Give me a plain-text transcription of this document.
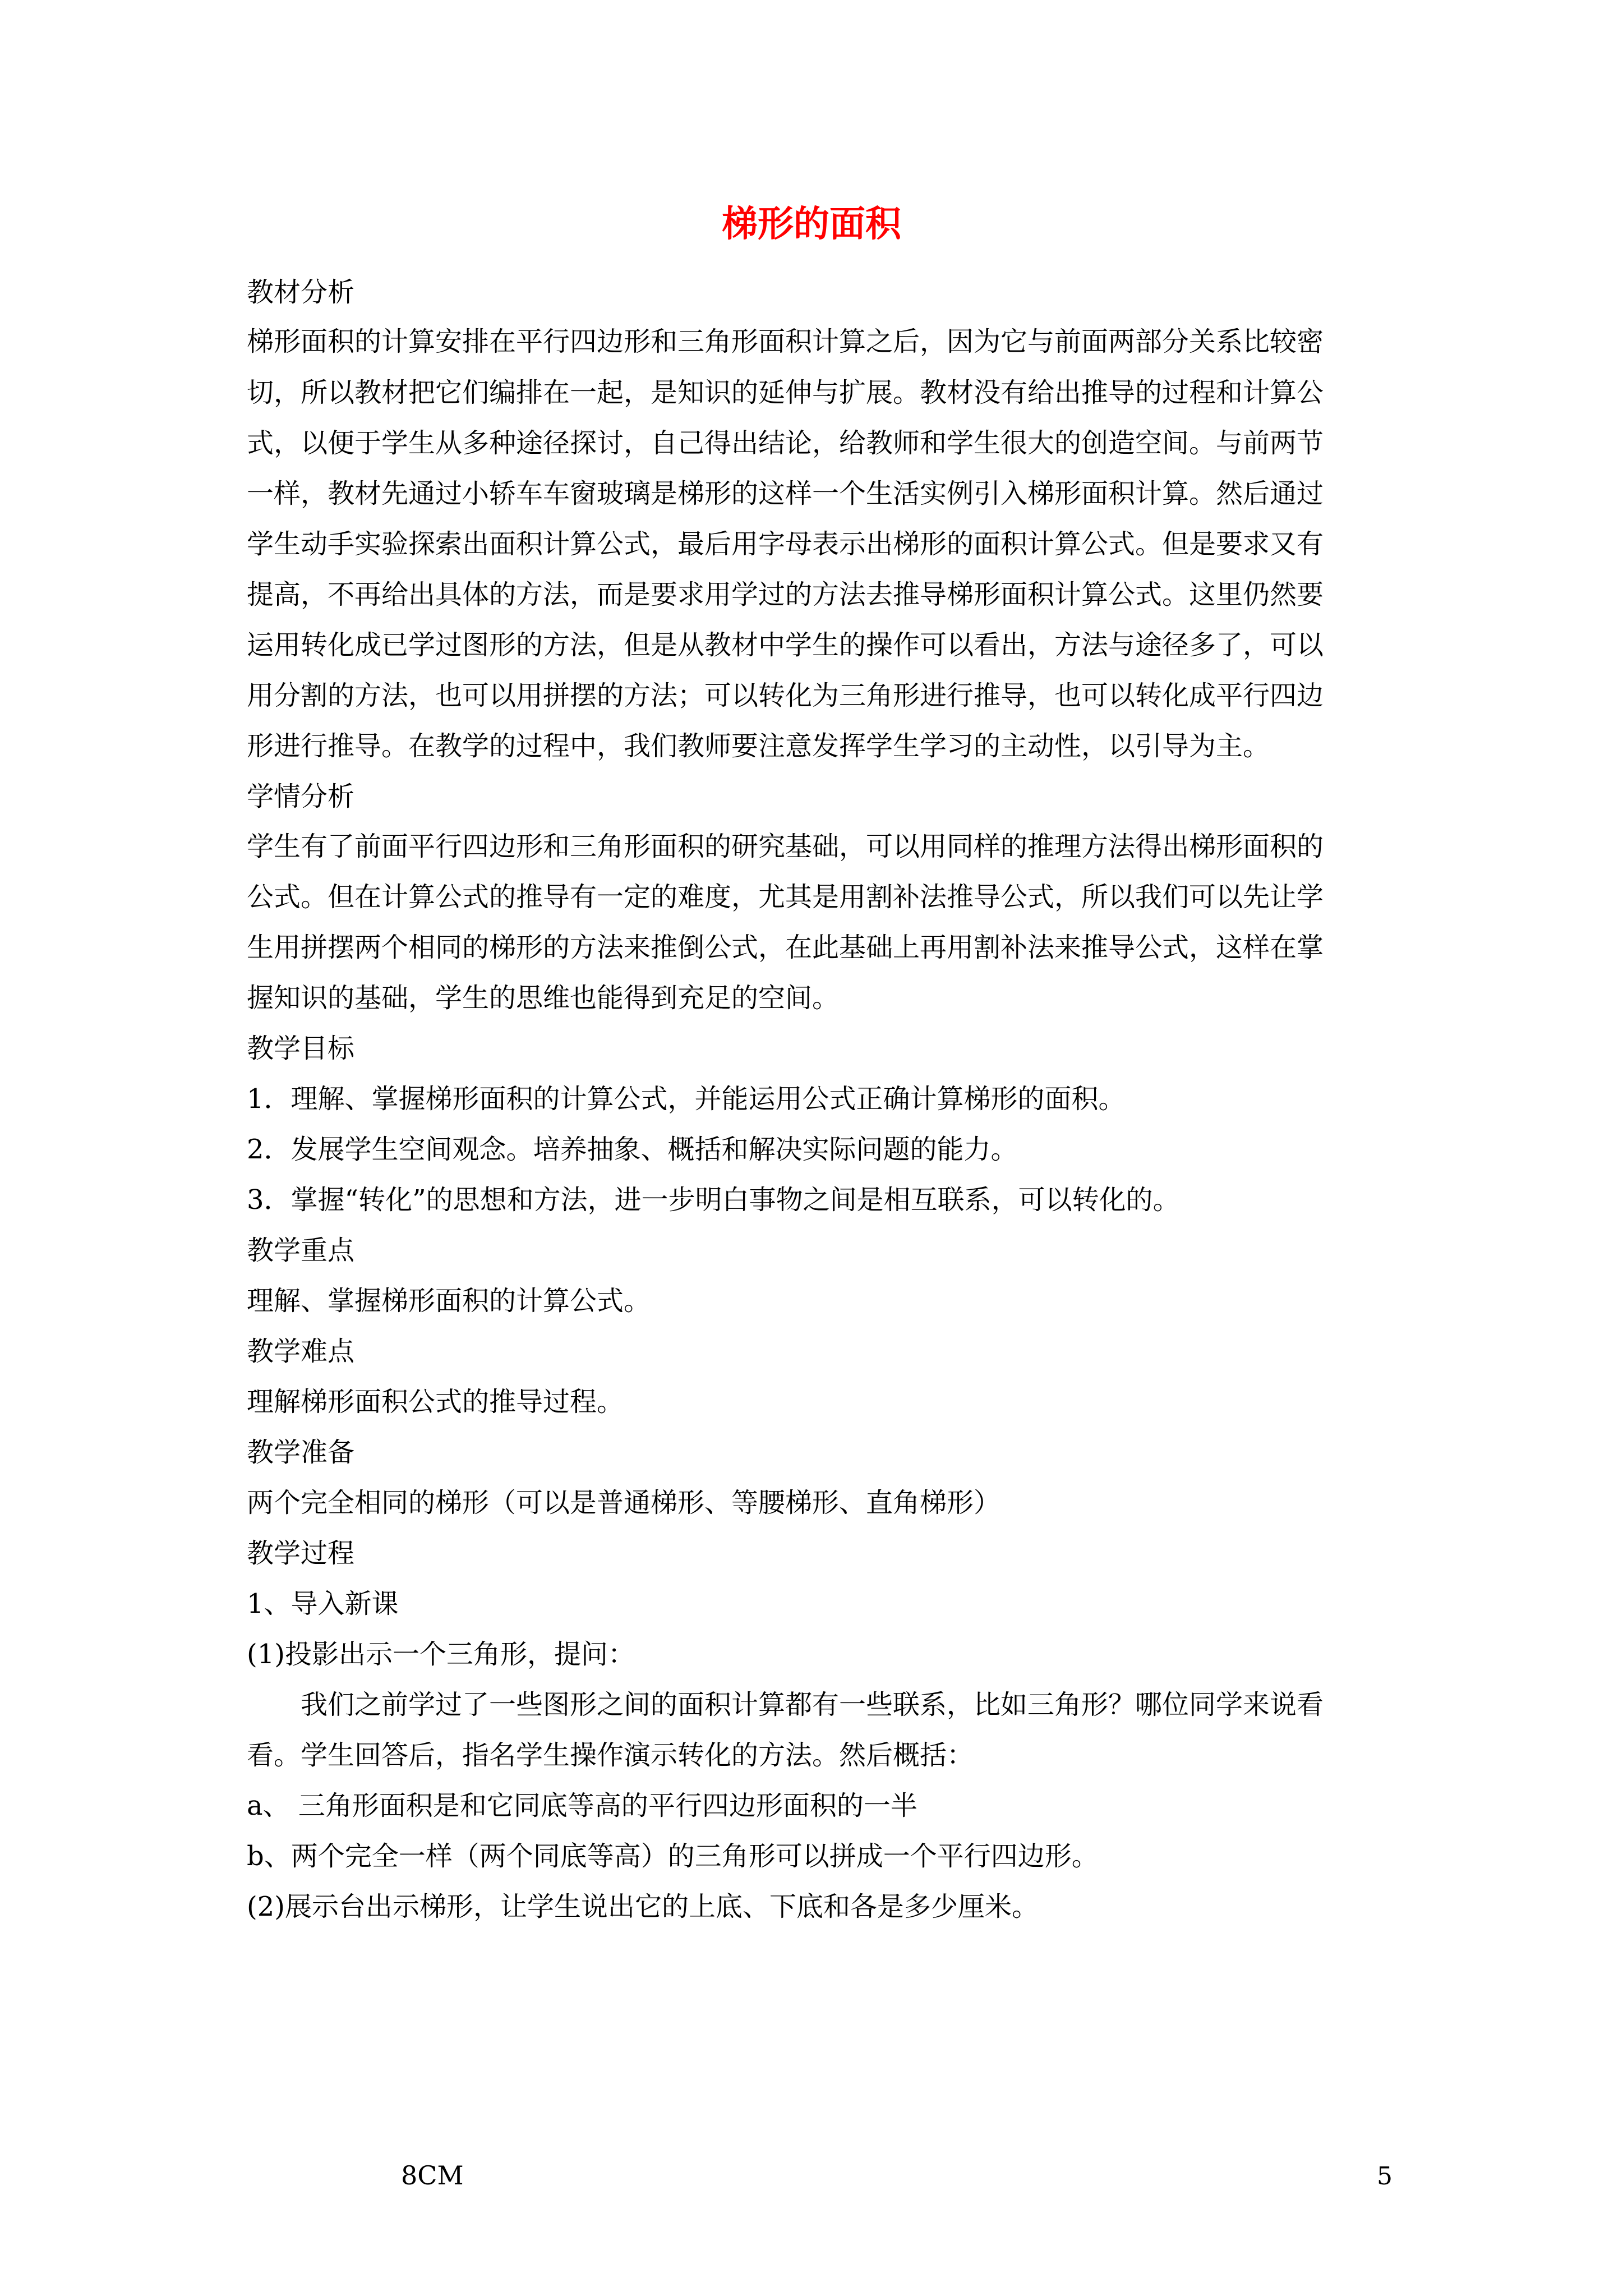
梯形的面积
教材分析
梯形面积的计算安排在平行四边形和三角形面积计算之后，因为它与前面两部分关系比较密
切，所以教材把它们编排在一起，是知识的延伸与扩展。教材没有给出推导的过程和计算公
式，以便于学生从多种途径探讨，自己得出结论，给教师和学生很大的创造空间。与前两节
一样，教材先通过小轿车车窗玻璃是梯形的这样一个生活实例引入梯形面积计算。然后通过
学生动手实验探索出面积计算公式，最后用字母表示出梯形的面积计算公式。但是要求又有
提高，不再给出具体的方法，而是要求用学过的方法去推导梯形面积计算公式。这里仍然要
运用转化成已学过图形的方法，但是从教材中学生的操作可以看出，方法与途径多了，可以
用分割的方法，也可以用拼摆的方法；可以转化为三角形进行推导，也可以转化成平行四边
形进行推导。在教学的过程中，我们教师要注意发挥学生学习的主动性，以引导为主。
学情分析
学生有了前面平行四边形和三角形面积的研究基础，可以用同样的推理方法得出梯形面积的
公式。但在计算公式的推导有一定的难度，尤其是用割补法推导公式，所以我们可以先让学
生用拼摆两个相同的梯形的方法来推倒公式，在此基础上再用割补法来推导公式，这样在掌
握知识的基础，学生的思维也能得到充足的空间。
教学目标
1．理解、掌握梯形面积的计算公式，并能运用公式正确计算梯形的面积。
2．发展学生空间观念。培养抽象、概括和解决实际问题的能力。
3．掌握“转化”的思想和方法，进一步明白事物之间是相互联系，可以转化的。
教学重点
理解、掌握梯形面积的计算公式。
教学难点
理解梯形面积公式的推导过程。
教学准备
两个完全相同的梯形（可以是普通梯形、等腰梯形、直角梯形）
教学过程
1、导入新课
(1)投影出示一个三角形，提问：
　　我们之前学过了一些图形之间的面积计算都有一些联系，比如三角形？哪位同学来说看
看。学生回答后，指名学生操作演示转化的方法。然后概括：
a、 三角形面积是和它同底等高的平行四边形面积的一半
b、两个完全一样（两个同底等高）的三角形可以拼成一个平行四边形。
(2)展示台出示梯形，让学生说出它的上底、下底和各是多少厘米。
8CM	5
